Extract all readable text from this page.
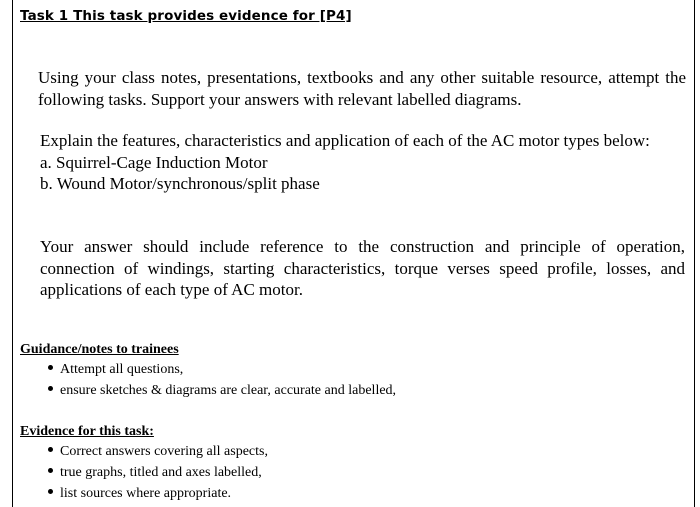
Task 1 This task provides evidence for [P4]
Using your class notes, presentations, textbooks and any other suitable resource, attempt the following tasks. Support your answers with relevant labelled diagrams.
Explain the features, characteristics and application of each of the AC motor types below:
a. Squirrel-Cage Induction Motor
b. Wound Motor/synchronous/split phase
Your answer should include reference to the construction and principle of operation, connection of windings, starting characteristics, torque verses speed profile, losses, and applications of each type of AC motor.
Guidance/notes to trainees
Attempt all questions,
ensure sketches & diagrams are clear, accurate and labelled,
Evidence for this task:
Correct answers covering all aspects,
true graphs, titled and axes labelled,
list sources where appropriate.
